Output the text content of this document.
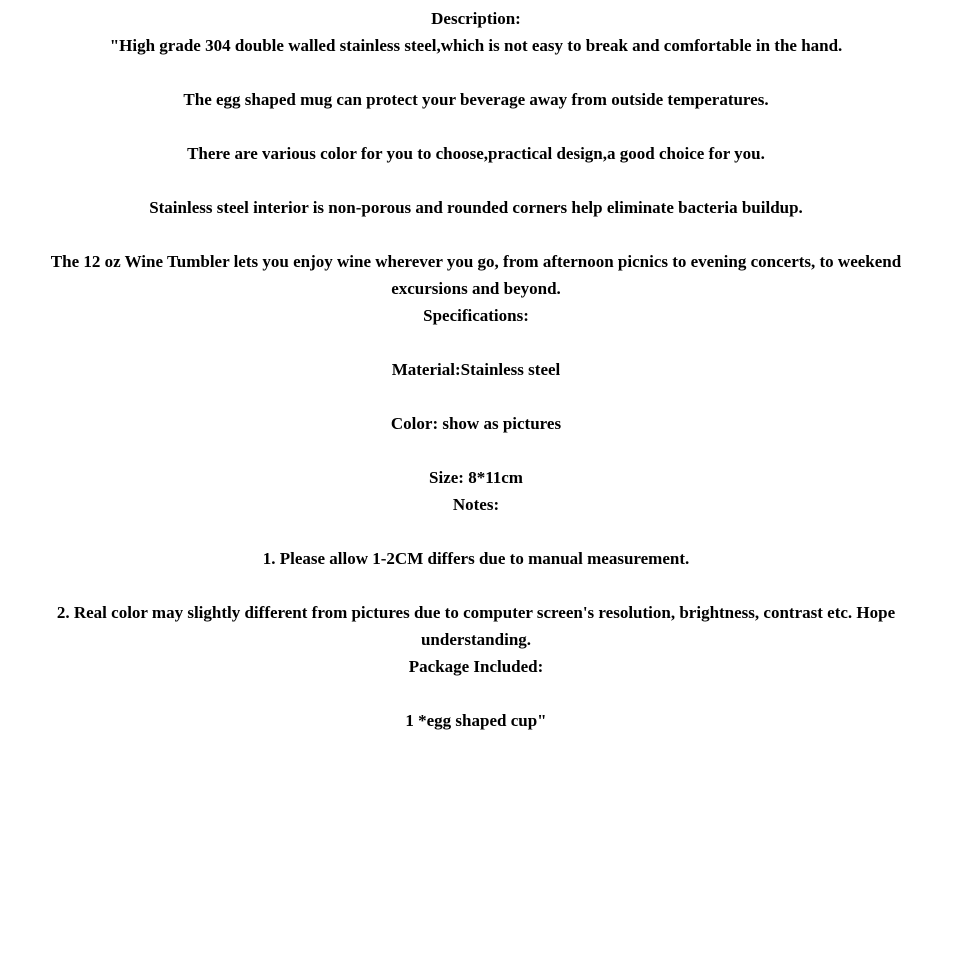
Description:

"High grade 304 double walled stainless steel,which is not easy to break and comfortable in the hand.

The egg shaped mug can protect your beverage away from outside temperatures.

There are various color for you to choose,practical design,a good choice for you.

Stainless steel interior is non-porous and rounded corners help eliminate bacteria buildup.

The 12 oz Wine Tumbler lets you enjoy wine wherever you go, from afternoon picnics to evening concerts, to weekend excursions and beyond.

Specifications:

Material:Stainless steel

Color: show as pictures

Size: 8*11cm

Notes:

1. Please allow 1-2CM differs due to manual measurement.

2. Real color may slightly different from pictures due to computer screen's resolution, brightness, contrast etc. Hope understanding.

Package Included:

1 *egg shaped cup"
